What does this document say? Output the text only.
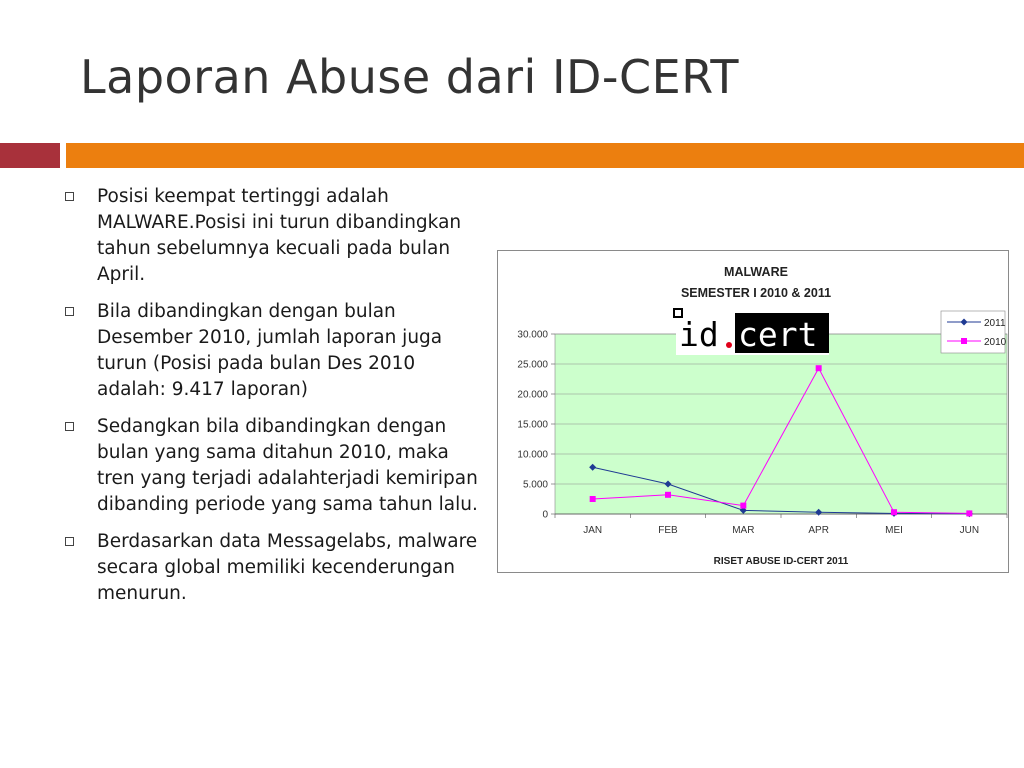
Laporan Abuse dari ID-CERT
Posisi keempat tertinggi adalah MALWARE.Posisi ini turun dibandingkan tahun sebelumnya kecuali pada bulan April.
Bila dibandingkan dengan bulan Desember 2010, jumlah laporan juga turun (Posisi pada bulan Des 2010 adalah: 9.417 laporan)
Sedangkan bila dibandingkan dengan bulan yang sama ditahun 2010, maka tren yang terjadi adalahterjadi kemiripan dibanding periode yang sama tahun lalu.
Berdasarkan data Messagelabs, malware secara global memiliki kecenderungan menurun.
MALWARE
SEMESTER I 2010 & 2011
0
5.000
10.000
15.000
20.000
25.000
30.000
JAN	FEB	MAR	APR	MEI	JUN
RISET ABUSE ID-CERT 2011
2011
2010
id cert
